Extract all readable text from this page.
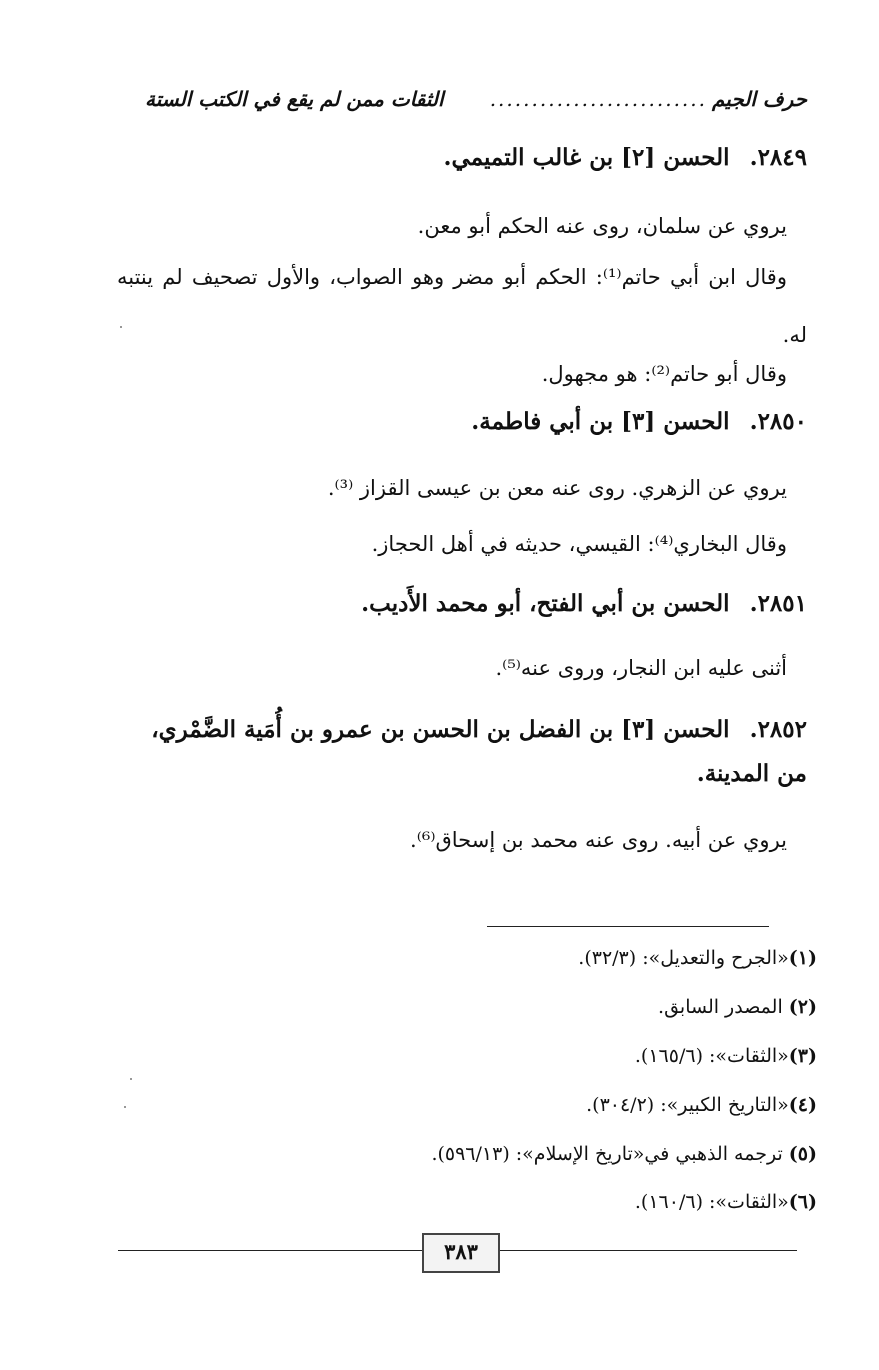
حرف الجيم
..........................
الثقات ممن لم يقع في الكتب الستة
٢٨٤٩. الحسن [٢] بن غالب التميمي.
يروي عن سلمان، روى عنه الحكم أبو معن.
وقال ابن أبي حاتم⁽¹⁾: الحكم أبو مضر وهو الصواب، والأول تصحيف لم ينتبه له.
وقال أبو حاتم⁽²⁾: هو مجهول.
٢٨٥٠. الحسن [٣] بن أبي فاطمة.
يروي عن الزهري. روى عنه معن بن عيسى القزاز ⁽³⁾.
وقال البخاري⁽⁴⁾: القيسي، حديثه في أهل الحجاز.
٢٨٥١. الحسن بن أبي الفتح، أبو محمد الأَديب.
أثنى عليه ابن النجار، وروى عنه⁽⁵⁾.
٢٨٥٢. الحسن [٣] بن الفضل بن الحسن بن عمرو بن أُمَية الضَّمْري، من المدينة.
يروي عن أبيه. روى عنه محمد بن إسحاق⁽⁶⁾.
(١)«الجرح والتعديل»: (٣٢/٣).
(٢) المصدر السابق.
(٣)«الثقات»: (١٦٥/٦).
(٤)«التاريخ الكبير»: (٣٠٤/٢).
(٥) ترجمه الذهبي في«تاريخ الإسلام»: (٥٩٦/١٣).
(٦)«الثقات»: (١٦٠/٦).
٣٨٣
